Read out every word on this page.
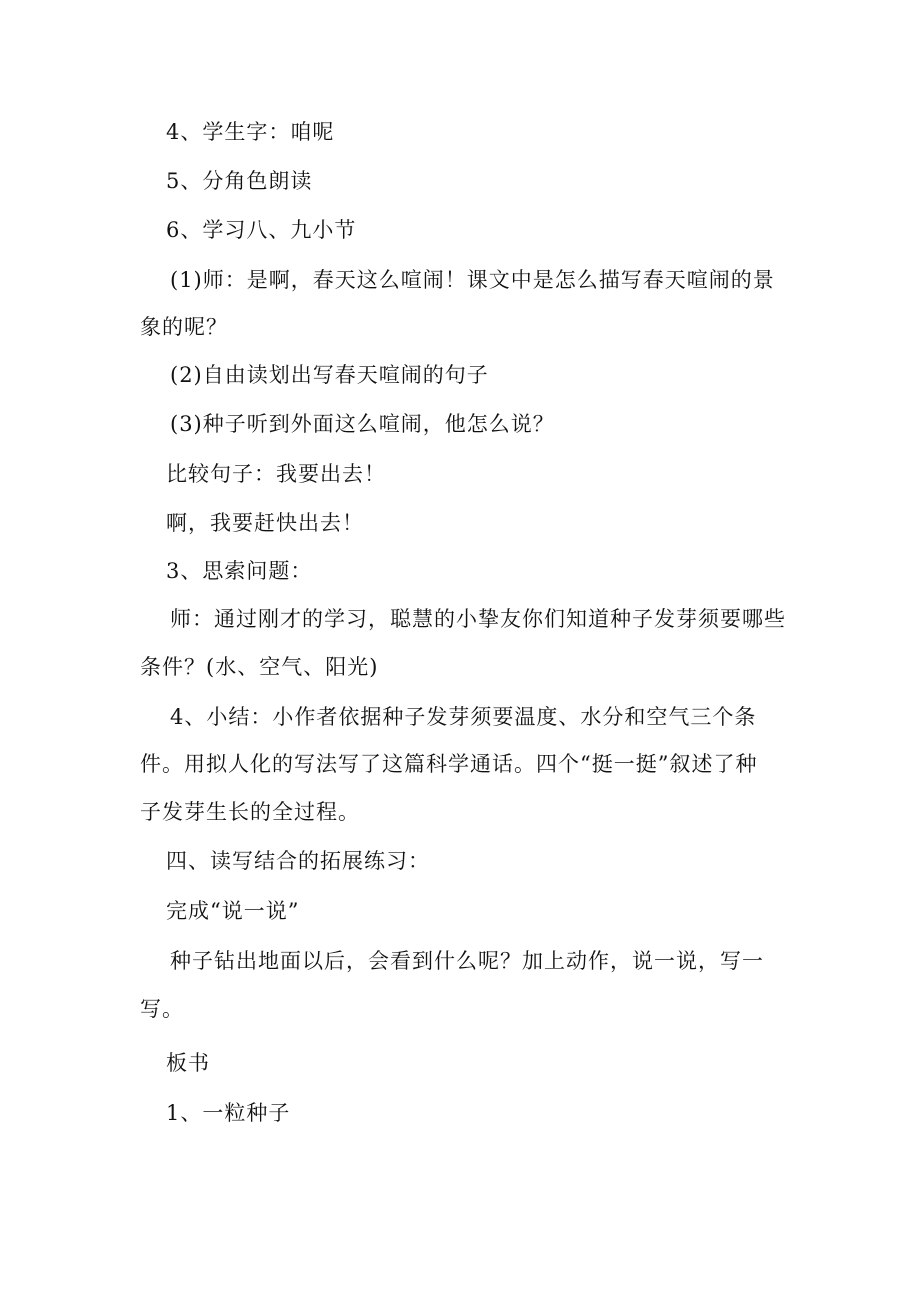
4、学生字：咱呢
5、分角色朗读
6、学习八、九小节
(1)师：是啊，春天这么喧闹！课文中是怎么描写春天喧闹的景
象的呢？
(2)自由读划出写春天喧闹的句子
(3)种子听到外面这么喧闹，他怎么说？
比较句子：我要出去！
啊，我要赶快出去！
3、思索问题：
师：通过刚才的学习，聪慧的小挚友你们知道种子发芽须要哪些
条件？(水、空气、阳光)
4、小结：小作者依据种子发芽须要温度、水分和空气三个条
件。用拟人化的写法写了这篇科学通话。四个“挺一挺”叙述了种
子发芽生长的全过程。
四、读写结合的拓展练习：
完成“说一说”
种子钻出地面以后，会看到什么呢？加上动作，说一说，写一
写。
板书
1、一粒种子
